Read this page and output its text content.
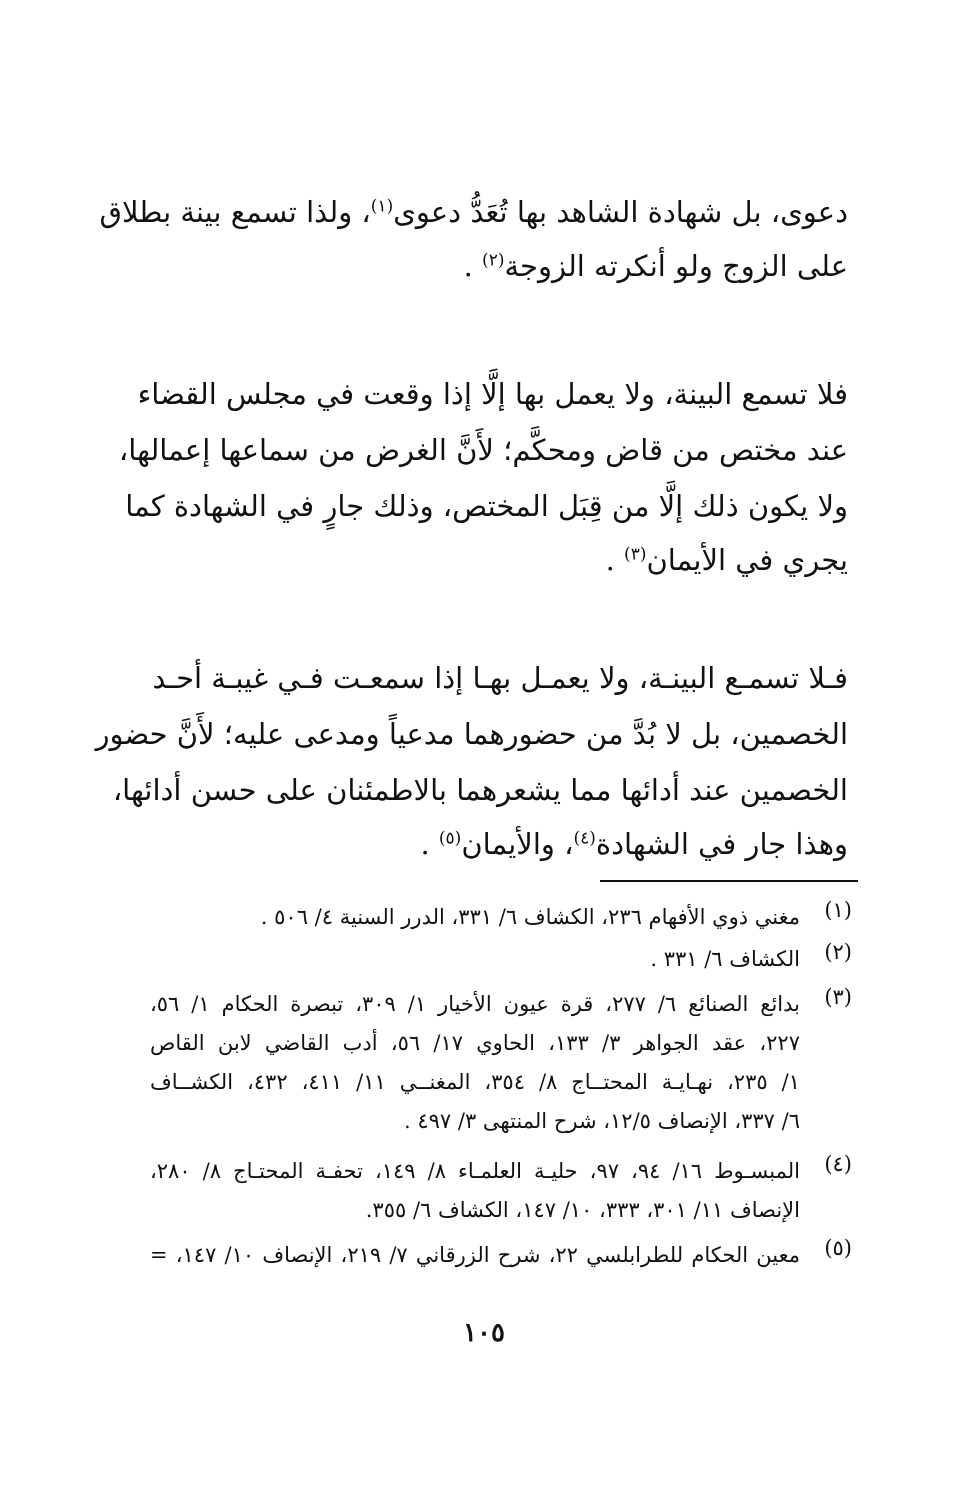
دعوى، بل شهادة الشاهد بها تُعَدُّ دعوى$^{(١)}$، ولذا تسمع بينة بطلاق
على الزوج ولو أنكرته الزوجة$^{(٢)}$ .
فلا تسمع البينة، ولا يعمل بها إلَّا إذا وقعت في مجلس القضاء
عند مختص من قاض ومحكَّم؛ لأَنَّ الغرض من سماعها إعمالها،
ولا يكون ذلك إلَّا من قِبَل المختص، وذلك جارٍ في الشهادة كما
يجري في الأيمان$^{(٣)}$ .
فـلا تسمـع البينـة، ولا يعمـل بهـا إذا سمعـت فـي غيبـة أحـد
الخصمين، بل لا بُدَّ من حضورهما مدعياً ومدعى عليه؛ لأَنَّ حضور
الخصمين عند أدائها مما يشعرهما بالاطمئنان على حسن أدائها،
وهذا جار في الشهادة$^{(٤)}$، والأيمان$^{(٥)}$ .
(١)
مغني ذوي الأفهام ٢٣٦، الكشاف ٦/ ٣٣١، الدرر السنية ٤/ ٥٠٦ .
(٢)
الكشاف ٦/ ٣٣١ .
(٣)
بدائع الصنائع ٦/ ٢٧٧، قرة عيون الأخيار ١/ ٣٠٩، تبصرة الحكام ١/ ٥٦،
٢٢٧، عقد الجواهر ٣/ ١٣٣، الحاوي ١٧/ ٥٦، أدب القاضي لابن القاص
١/ ٢٣٥، نهـايـة المحتــاج ٨/ ٣٥٤، المغنــي ١١/ ٤١١، ٤٣٢، الكشــاف
٦/ ٣٣٧، الإنصاف ١٢/٥، شرح المنتهى ٣/ ٤٩٧ .
(٤)
المبسـوط ١٦/ ٩٤، ٩٧، حليـة العلمـاء ٨/ ١٤٩، تحفـة المحتـاج ٨/ ٢٨٠،
الإنصاف ١١/ ٣٠١، ٣٣٣، ١٠/ ١٤٧، الكشاف ٦/ ٣٥٥.
(٥)
معين الحكام للطرابلسي ٢٢، شرح الزرقاني ٧/ ٢١٩، الإنصاف ١٠/ ١٤٧، =
١٠٥
